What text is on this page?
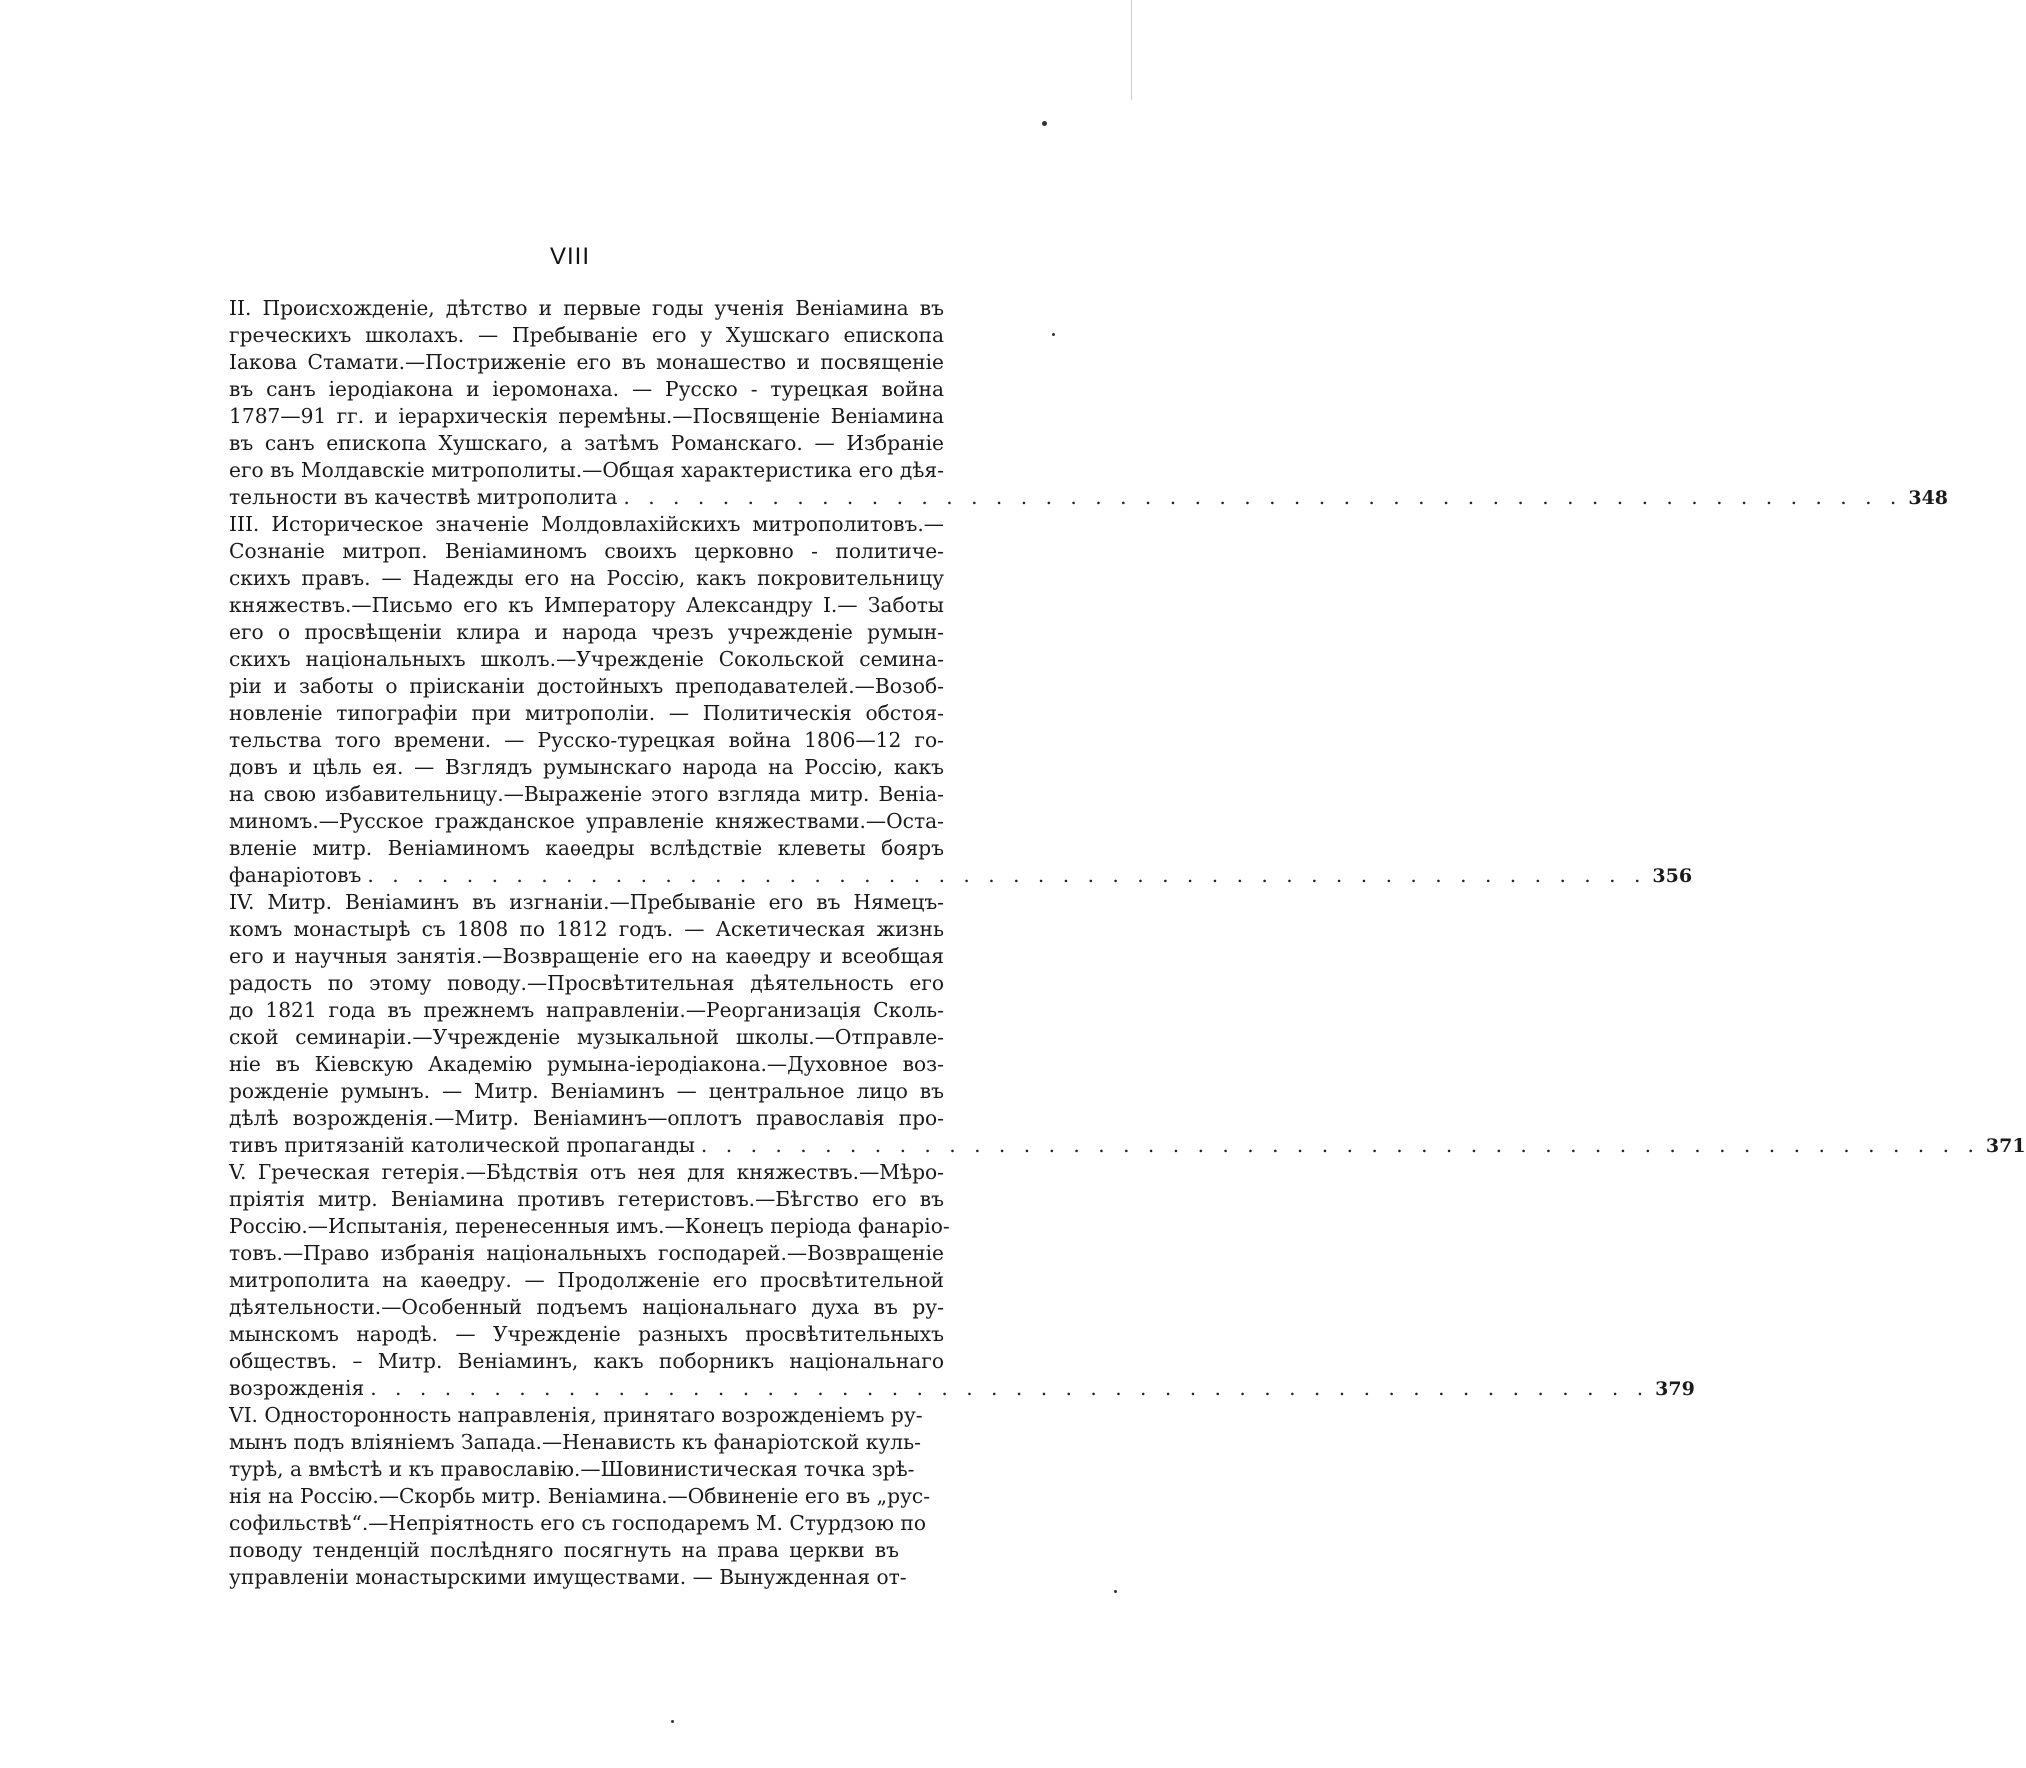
VIII
II. Происхожденіе, дѣтство и первые годы ученія Веніамина въ
греческихъ школахъ. — Пребываніе его у Хушскаго епископа
Іакова Стамати.—Постриженіе его въ монашество и посвященіе
въ санъ іеродіакона и іеромонаха. — Русско - турецкая война
1787—91 гг. и іерархическія перемѣны.—Посвященіе Веніамина
въ санъ епископа Хушскаго, а затѣмъ Романскаго. — Избраніе
его въ Молдавскіе митрополиты.—Общая характеристика его дѣя-
тельности въ качествѣ митрополита . . . . . . . . . . . . . . . . . . . . . . . . . . . . . . . . . . . . . . . . . . . . . . . . . . . . 348
III. Историческое значеніе Молдовлахійскихъ митрополитовъ.—
Сознаніе митроп. Веніаминомъ своихъ церковно - политиче-
скихъ правъ. — Надежды его на Россію, какъ покровительницу
княжествъ.—Письмо его къ Императору Александру I.— Заботы
его о просвѣщеніи клира и народа чрезъ учрежденіе румын-
скихъ національныхъ школъ.—Учрежденіе Сокольской семина-
ріи и заботы о пріисканіи достойныхъ преподавателей.—Возоб-
новленіе типографіи при митрополіи. — Политическія обстоя-
тельства того времени. — Русско-турецкая война 1806—12 го-
довъ и цѣль ея. — Взглядъ румынскаго народа на Россію, какъ
на свою избавительницу.—Выраженіе этого взгляда митр. Веніа-
миномъ.—Русское гражданское управленіе княжествами.—Оста-
вленіе митр. Веніаминомъ каѳедры вслѣдствіе клеветы бояръ
фанаріотовъ . . . . . . . . . . . . . . . . . . . . . . . . . . . . . . . . . . . . . . . . . . . . . . . . . . . . 356
IV. Митр. Веніаминъ въ изгнаніи.—Пребываніе его въ Нямецъ-
комъ монастырѣ съ 1808 по 1812 годъ. — Аскетическая жизнь
его и научныя занятія.—Возвращеніе его на каѳедру и всеобщая
радость по этому поводу.—Просвѣтительная дѣятельность его
до 1821 года въ прежнемъ направленіи.—Реорганизація Сколь-
ской семинаріи.—Учрежденіе музыкальной школы.—Отправле-
ніе въ Кіевскую Академію румына-іеродіакона.—Духовное воз-
рожденіе румынъ. — Митр. Веніаминъ — центральное лицо въ
дѣлѣ возрожденія.—Митр. Веніаминъ—оплотъ православія про-
тивъ притязаній католической пропаганды . . . . . . . . . . . . . . . . . . . . . . . . . . . . . . . . . . . . . . . . . . . . . . . . . . . . 371
V. Греческая гетерія.—Бѣдствія отъ нея для княжествъ.—Мѣро-
пріятія митр. Веніамина противъ гетеристовъ.—Бѣгство его въ
Россію.—Испытанія, перенесенныя имъ.—Конецъ періода фанаріо-
товъ.—Право избранія національныхъ господарей.—Возвращеніе
митрополита на каѳедру. — Продолженіе его просвѣтительной
дѣятельности.—Особенный подъемъ національнаго духа въ ру-
мынскомъ народѣ. — Учрежденіе разныхъ просвѣтительныхъ
обществъ. – Митр. Веніаминъ, какъ поборникъ національнаго
возрожденія . . . . . . . . . . . . . . . . . . . . . . . . . . . . . . . . . . . . . . . . . . . . . . . . . . . . 379
VI. Односторонность направленія, принятаго возрожденіемъ ру-
мынъ подъ вліяніемъ Запада.—Ненависть къ фанаріотской куль-
турѣ, а вмѣстѣ и къ православію.—Шовинистическая точка зрѣ-
нія на Россію.—Скорбь митр. Веніамина.—Обвиненіе его въ „рус-
софильствѣ“.—Непріятность его съ господаремъ М. Стурдзою по
поводу тенденцій послѣдняго посягнуть на права церкви въ
управленіи монастырскими имуществами. — Вынужденная от-
